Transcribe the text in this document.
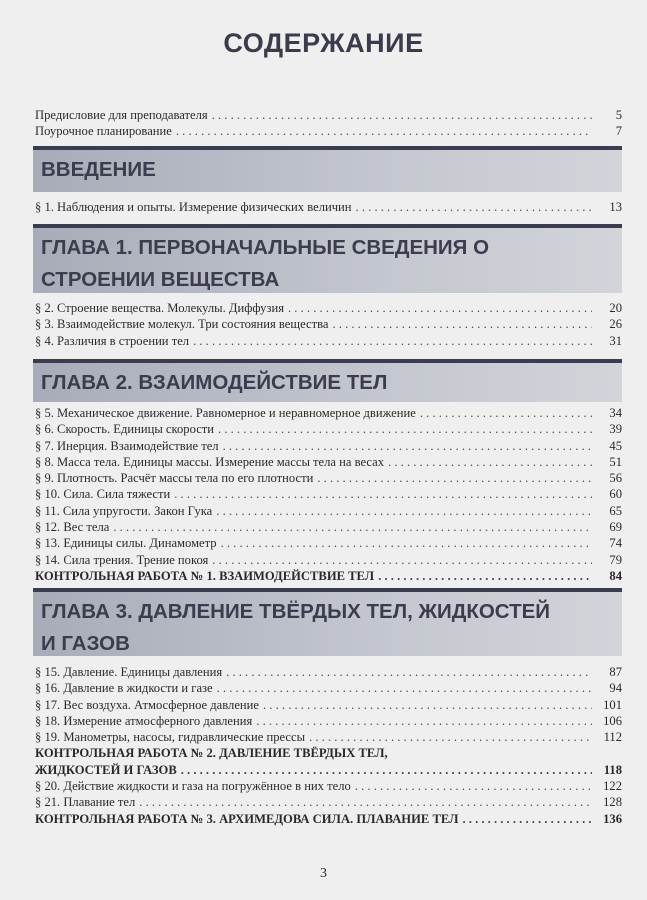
СОДЕРЖАНИЕ
Предисловие для преподавателя . . .	5
Поурочное планирование . . .	7
ВВЕДЕНИЕ
§ 1. Наблюдения и опыты. Измерение физических величин . . .	13
ГЛАВА 1. ПЕРВОНАЧАЛЬНЫЕ СВЕДЕНИЯ О СТРОЕНИИ ВЕЩЕСТВА
§ 2. Строение вещества. Молекулы. Диффузия . . .	20
§ 3. Взаимодействие молекул. Три состояния вещества . . .	26
§ 4. Различия в строении тел . . .	31
ГЛАВА 2. ВЗАИМОДЕЙСТВИЕ ТЕЛ
§ 5. Механическое движение. Равномерное и неравномерное движение . . .	34
§ 6. Скорость. Единицы скорости . . .	39
§ 7. Инерция. Взаимодействие тел . . .	45
§ 8. Масса тела. Единицы массы. Измерение массы тела на весах . . .	51
§ 9. Плотность. Расчёт массы тела по его плотности . . .	56
§ 10. Сила. Сила тяжести . . .	60
§ 11. Сила упругости. Закон Гука . . .	65
§ 12. Вес тела . . .	69
§ 13. Единицы силы. Динамометр . . .	74
§ 14. Сила трения. Трение покоя . . .	79
КОНТРОЛЬНАЯ РАБОТА № 1. ВЗАИМОДЕЙСТВИЕ ТЕЛ . . .	84
ГЛАВА 3. ДАВЛЕНИЕ ТВЁРДЫХ ТЕЛ, ЖИДКОСТЕЙ И ГАЗОВ
§ 15. Давление. Единицы давления . . .	87
§ 16. Давление в жидкости и газе . . .	94
§ 17. Вес воздуха. Атмосферное давление . . .	101
§ 18. Измерение атмосферного давления . . .	106
§ 19. Манометры, насосы, гидравлические прессы . . .	112
КОНТРОЛЬНАЯ РАБОТА № 2. ДАВЛЕНИЕ ТВЁРДЫХ ТЕЛ,
ЖИДКОСТЕЙ И ГАЗОВ . . .	118
§ 20. Действие жидкости и газа на погружённое в них тело . . .	122
§ 21. Плавание тел . . .	128
КОНТРОЛЬНАЯ РАБОТА № 3. АРХИМЕДОВА СИЛА. ПЛАВАНИЕ ТЕЛ . . .	136
3
